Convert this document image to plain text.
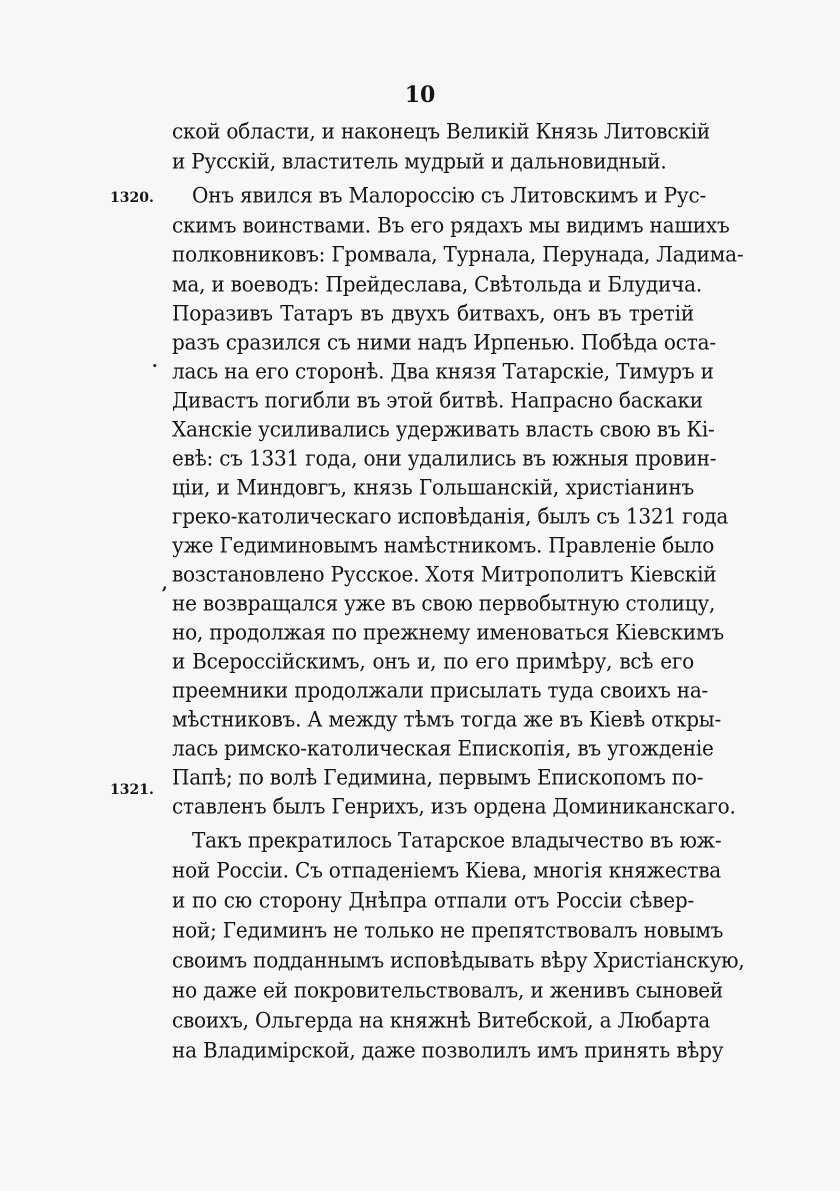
10
1320.
1321.
·
,
ской области, и наконецъ Великій Князь Литовскій
и Русскій, властитель мудрый и дальновидный.
Онъ явился въ Малороссію съ Литовскимъ и Рус-
скимъ воинствами. Въ его рядахъ мы видимъ нашихъ
полковниковъ: Громвала, Турнала, Перунада, Ладима-
ма, и воеводъ: Прейдеслава, Свѣтольда и Блудича.
Поразивъ Татаръ въ двухъ битвахъ, онъ въ третій
разъ сразился съ ними надъ Ирпенью. Побѣда оста-
лась на его сторонѣ. Два князя Татарскіе, Тимуръ и
Дивастъ погибли въ этой битвѣ. Напрасно баскаки
Ханскіе усиливались удерживать власть свою въ Кі-
евѣ: съ 1331 года, они удалились въ южныя провин-
ціи, и Миндовгъ, князь Гольшанскій, христіанинъ
греко-католическаго исповѣданія, былъ съ 1321 года
уже Гедиминовымъ намѣстникомъ. Правленіе было
возстановлено Русское. Хотя Митрополитъ Кіевскій
не возвращался уже въ свою первобытную столицу,
но, продолжая по прежнему именоваться Кіевскимъ
и Всероссійскимъ, онъ и, по его примѣру, всѣ его
преемники продолжали присылать туда своихъ на-
мѣстниковъ. А между тѣмъ тогда же въ Кіевѣ откры-
лась римско-католическая Епископія, въ угожденіе
Папѣ; по волѣ Гедимина, первымъ Епископомъ по-
ставленъ былъ Генрихъ, изъ ордена Доминиканскаго.
Такъ прекратилось Татарское владычество въ юж-
ной Россіи. Съ отпаденіемъ Кіева, многія княжества
и по сю сторону Днѣпра отпали отъ Россіи сѣвер-
ной; Гедиминъ не только не препятствовалъ новымъ
своимъ подданнымъ исповѣдывать вѣру Христіанскую,
но даже ей покровительствовалъ, и женивъ сыновей
своихъ, Ольгерда на княжнѣ Витебской, а Любарта
на Владимірской, даже позволилъ имъ принять вѣру
